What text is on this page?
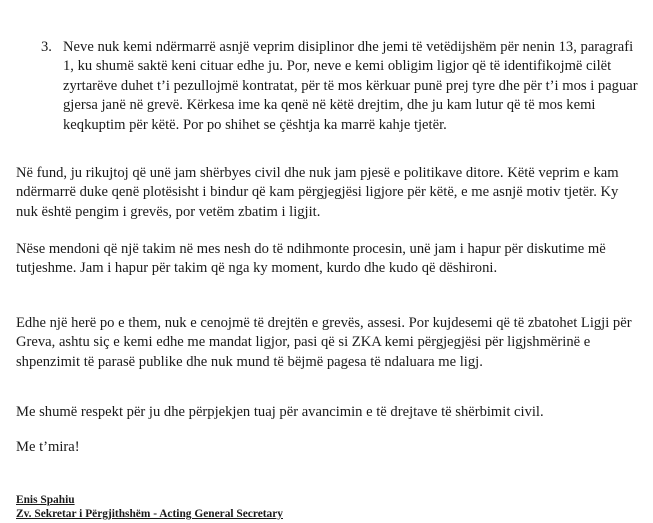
3. Neve nuk kemi ndërmarrë asnjë veprim disiplinor dhe jemi të vetëdijshëm për nenin 13, paragrafi 1, ku shumë saktë keni cituar edhe ju. Por, neve e kemi obligim ligjor që të identifikojmë cilët zyrtarëve duhet t’i pezullojmë kontratat, për të mos kërkuar punë prej tyre dhe për t’i mos i paguar gjersa janë në grevë. Kërkesa ime ka qenë në këtë drejtim, dhe ju kam lutur që të mos kemi keqkuptim për këtë. Por po shihet se çështja ka marrë kahje tjetër.

Në fund, ju rikujtoj që unë jam shërbyes civil dhe nuk jam pjesë e politikave ditore. Këtë veprim e kam ndërmarrë duke qenë plotësisht i bindur që kam përgjegjësi ligjore për këtë, e me asnjë motiv tjetër. Ky nuk është pengim i grevës, por vetëm zbatim i ligjit.

Nëse mendoni që një takim në mes nesh do të ndihmonte procesin, unë jam i hapur për diskutime më tutjeshme. Jam i hapur për takim që nga ky moment, kurdo dhe kudo që dëshironi.

Edhe një herë po e them, nuk e cenojmë të drejtën e grevës, assesi. Por kujdesemi që të zbatohet Ligji për Greva, ashtu siç e kemi edhe me mandat ligjor, pasi që si ZKA kemi përgjegjësi për ligjshmërinë e shpenzimit të parasë publike dhe nuk mund të bëjmë pagesa të ndaluara me ligj.

Me shumë respekt për ju dhe përpjekjen tuaj për avancimin e të drejtave të shërbimit civil.

Me t’mira!

Enis Spahiu
Zv. Sekretar i Përgjithshëm - Acting General Secretary
